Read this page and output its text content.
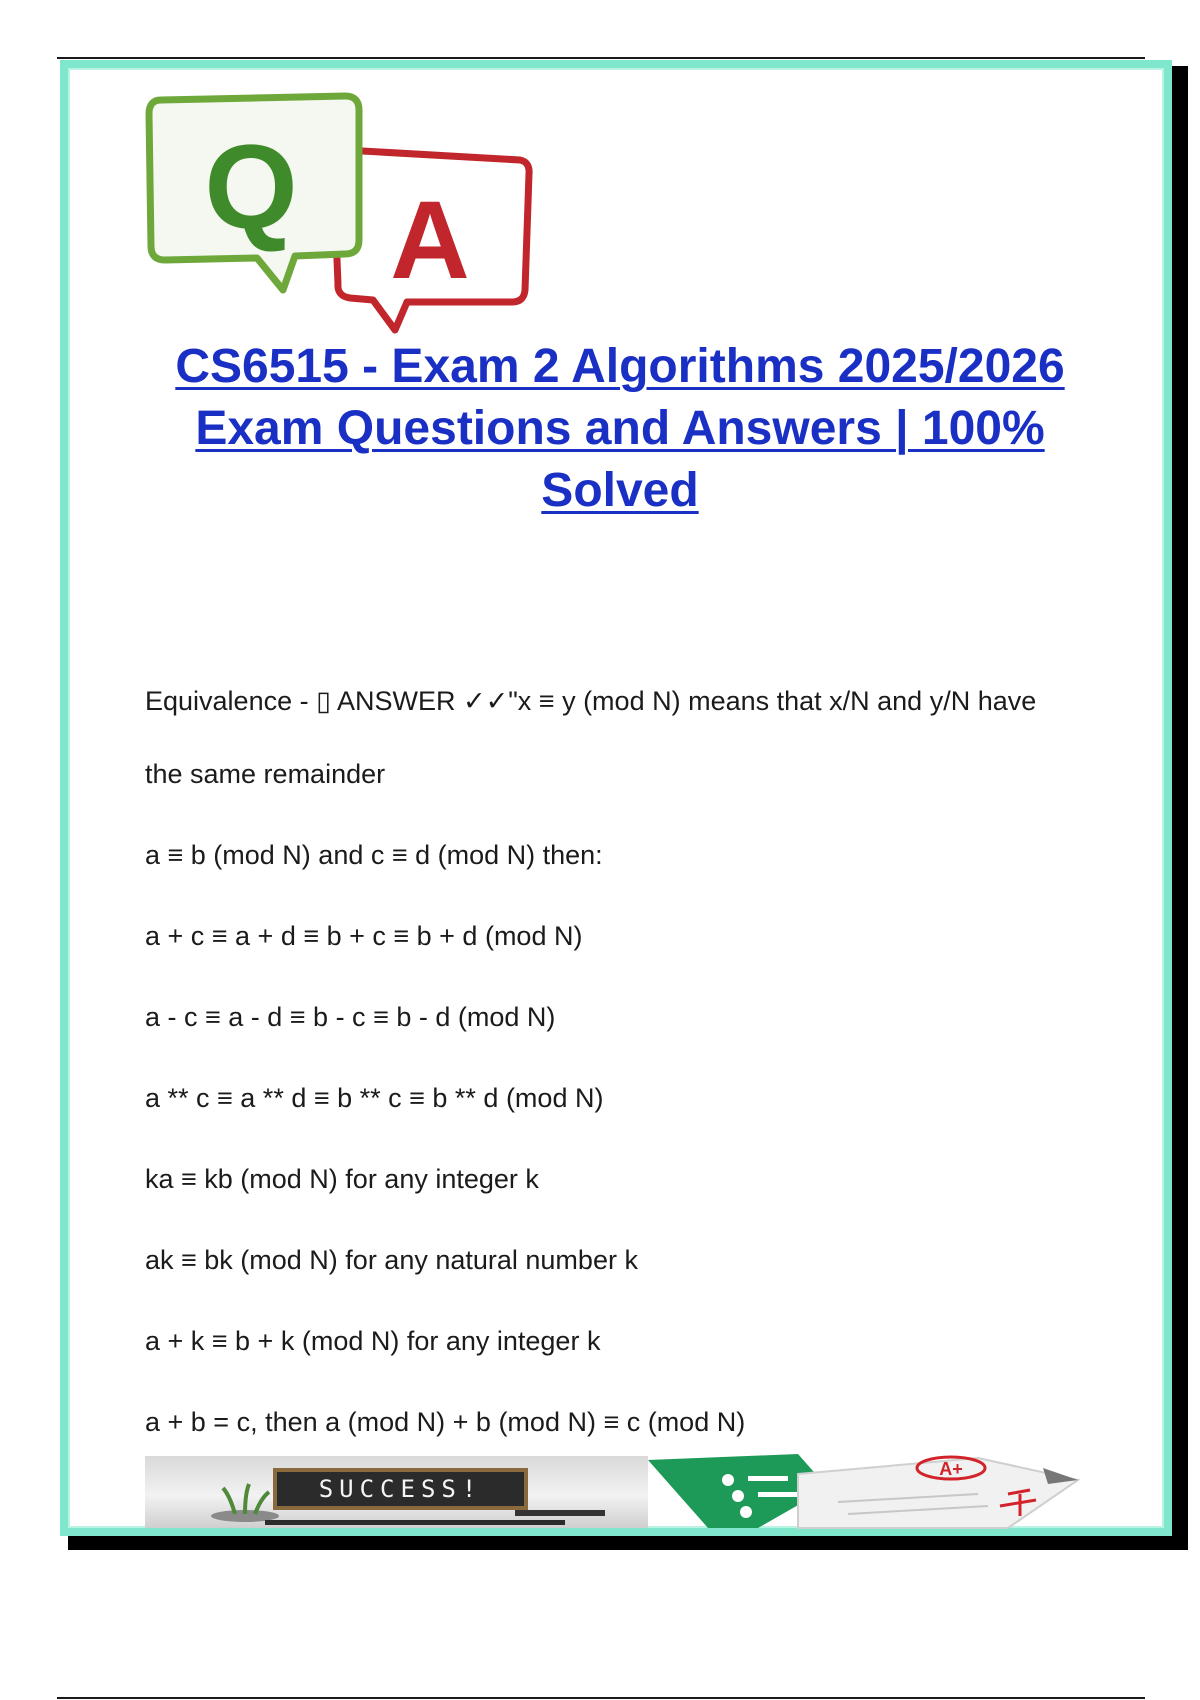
A
Q
CS6515 - Exam 2 Algorithms 2025/2026
Exam Questions and Answers | 100%
Solved
Equivalence - ▯ ANSWER ✓✓"x ≡ y (mod N) means that x/N and y/N have
the same remainder
a ≡ b (mod N) and c ≡ d (mod N) then:
a + c ≡ a + d ≡ b + c ≡ b + d (mod N)
a - c ≡ a - d ≡ b - c ≡ b - d (mod N)
a ** c ≡ a ** d ≡ b ** c ≡ b ** d (mod N)
ka ≡ kb (mod N) for any integer k
ak ≡ bk (mod N) for any natural number k
a + k ≡ b + k (mod N) for any integer k
a + b = c, then a (mod N) + b (mod N) ≡ c (mod N)
SUCCESS!
A+
